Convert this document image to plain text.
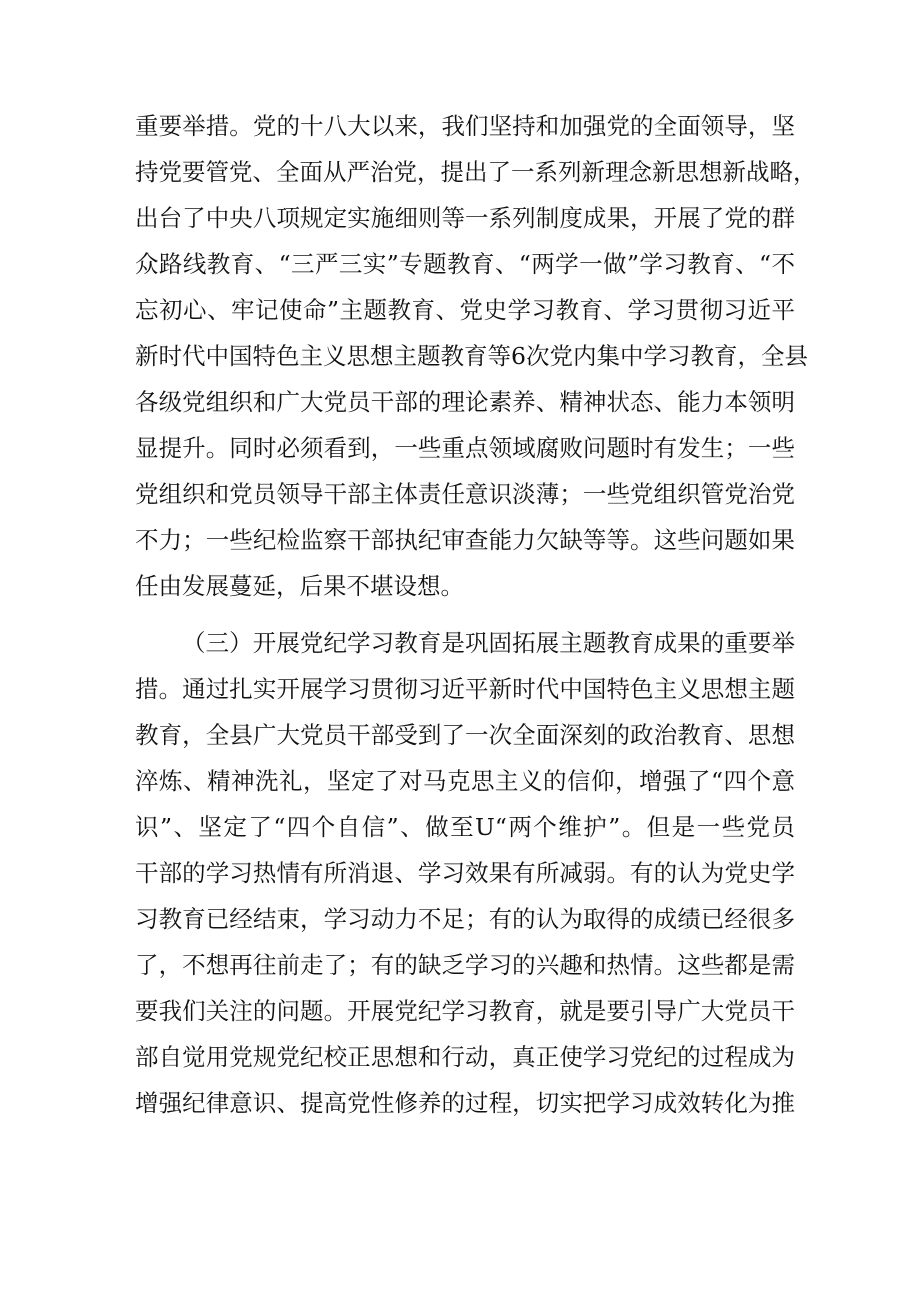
重要举措。党的十八大以来，我们坚持和加强党的全面领导，坚
持党要管党、全面从严治党，提出了一系列新理念新思想新战略，
出台了中央八项规定实施细则等一系列制度成果，开展了党的群
众路线教育、“三严三实”专题教育、“两学一做”学习教育、“不
忘初心、牢记使命”主题教育、党史学习教育、学习贯彻习近平
新时代中国特色主义思想主题教育等6次党内集中学习教育，全县
各级党组织和广大党员干部的理论素养、精神状态、能力本领明
显提升。同时必须看到，一些重点领域腐败问题时有发生；一些
党组织和党员领导干部主体责任意识淡薄；一些党组织管党治党
不力；一些纪检监察干部执纪审查能力欠缺等等。这些问题如果
任由发展蔓延，后果不堪设想。
（三）开展党纪学习教育是巩固拓展主题教育成果的重要举
措。通过扎实开展学习贯彻习近平新时代中国特色主义思想主题
教育，全县广大党员干部受到了一次全面深刻的政治教育、思想
淬炼、精神洗礼，坚定了对马克思主义的信仰，增强了“四个意
识”、坚定了“四个自信”、做至U“两个维护”。但是一些党员
干部的学习热情有所消退、学习效果有所减弱。有的认为党史学
习教育已经结束，学习动力不足；有的认为取得的成绩已经很多
了，不想再往前走了；有的缺乏学习的兴趣和热情。这些都是需
要我们关注的问题。开展党纪学习教育，就是要引导广大党员干
部自觉用党规党纪校正思想和行动，真正使学习党纪的过程成为
增强纪律意识、提高党性修养的过程，切实把学习成效转化为推
